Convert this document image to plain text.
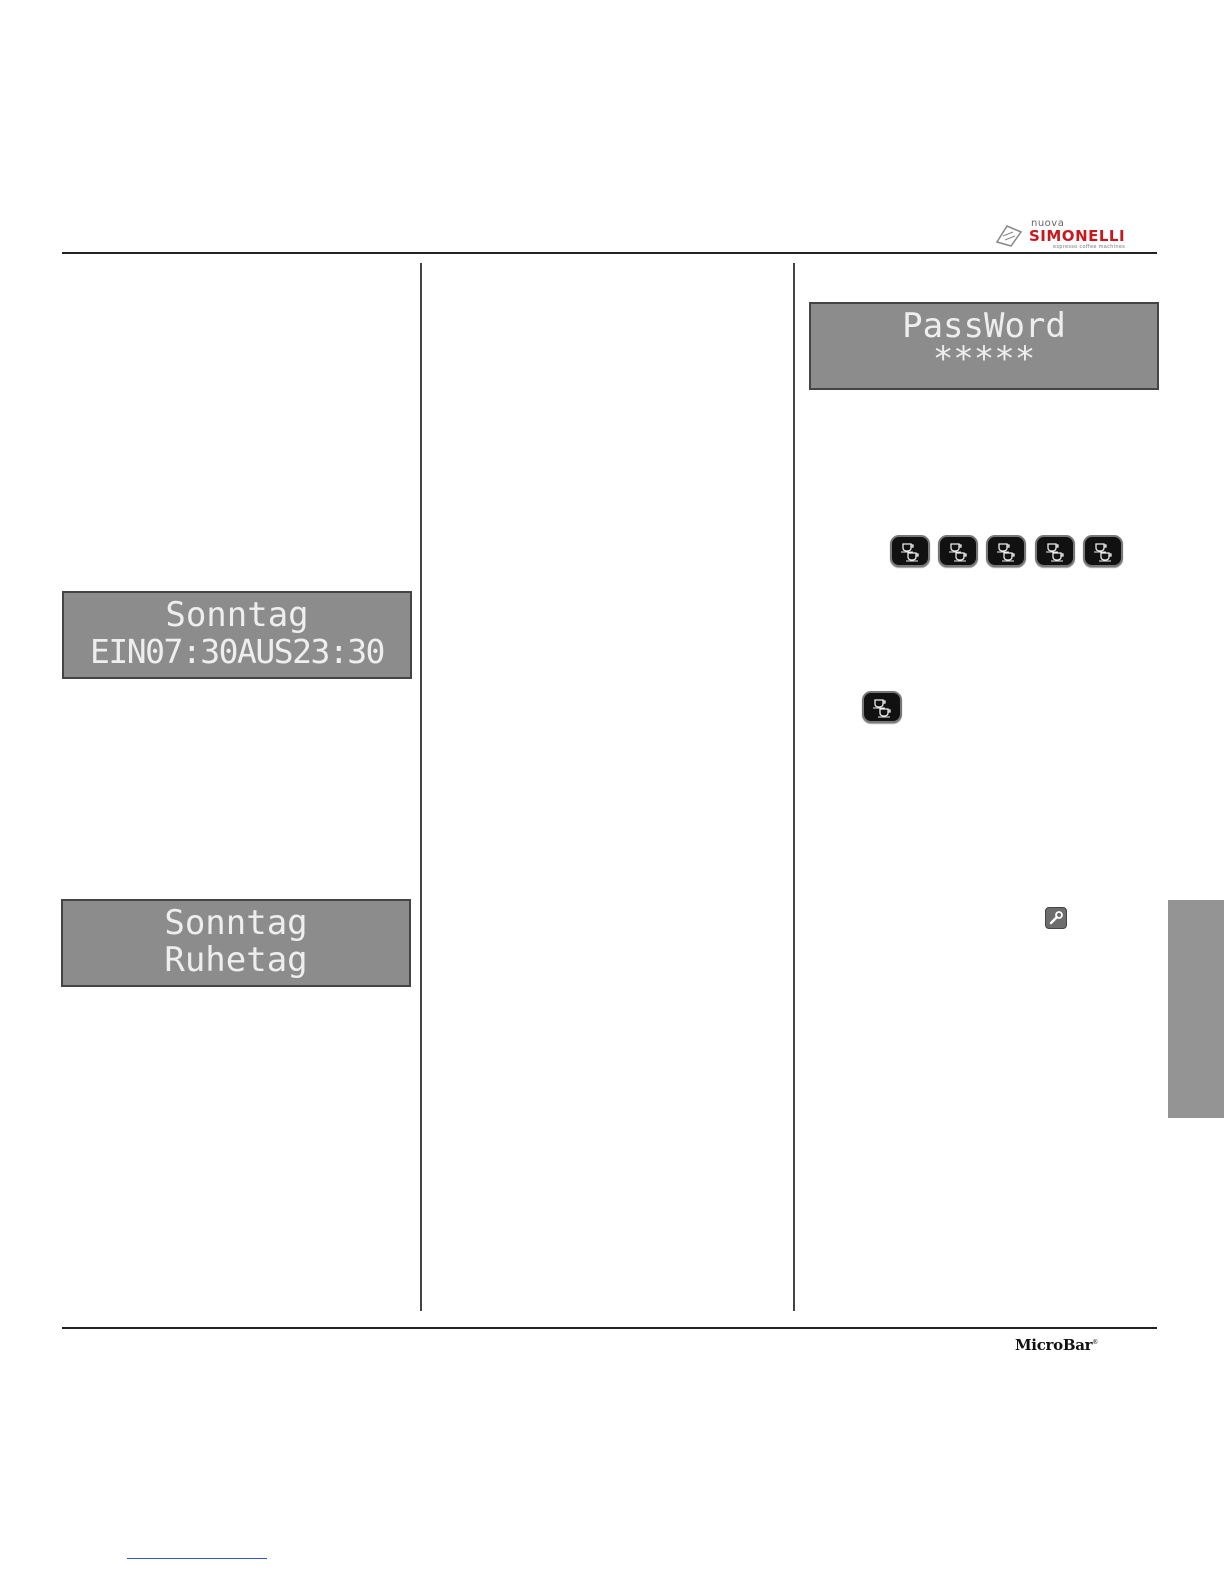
nuova
SIMONELLI
espresso coffee machines
Sonntag
EIN07:30AUS23:30
Sonntag
Ruhetag
PassWord
*****
MicroBar®
